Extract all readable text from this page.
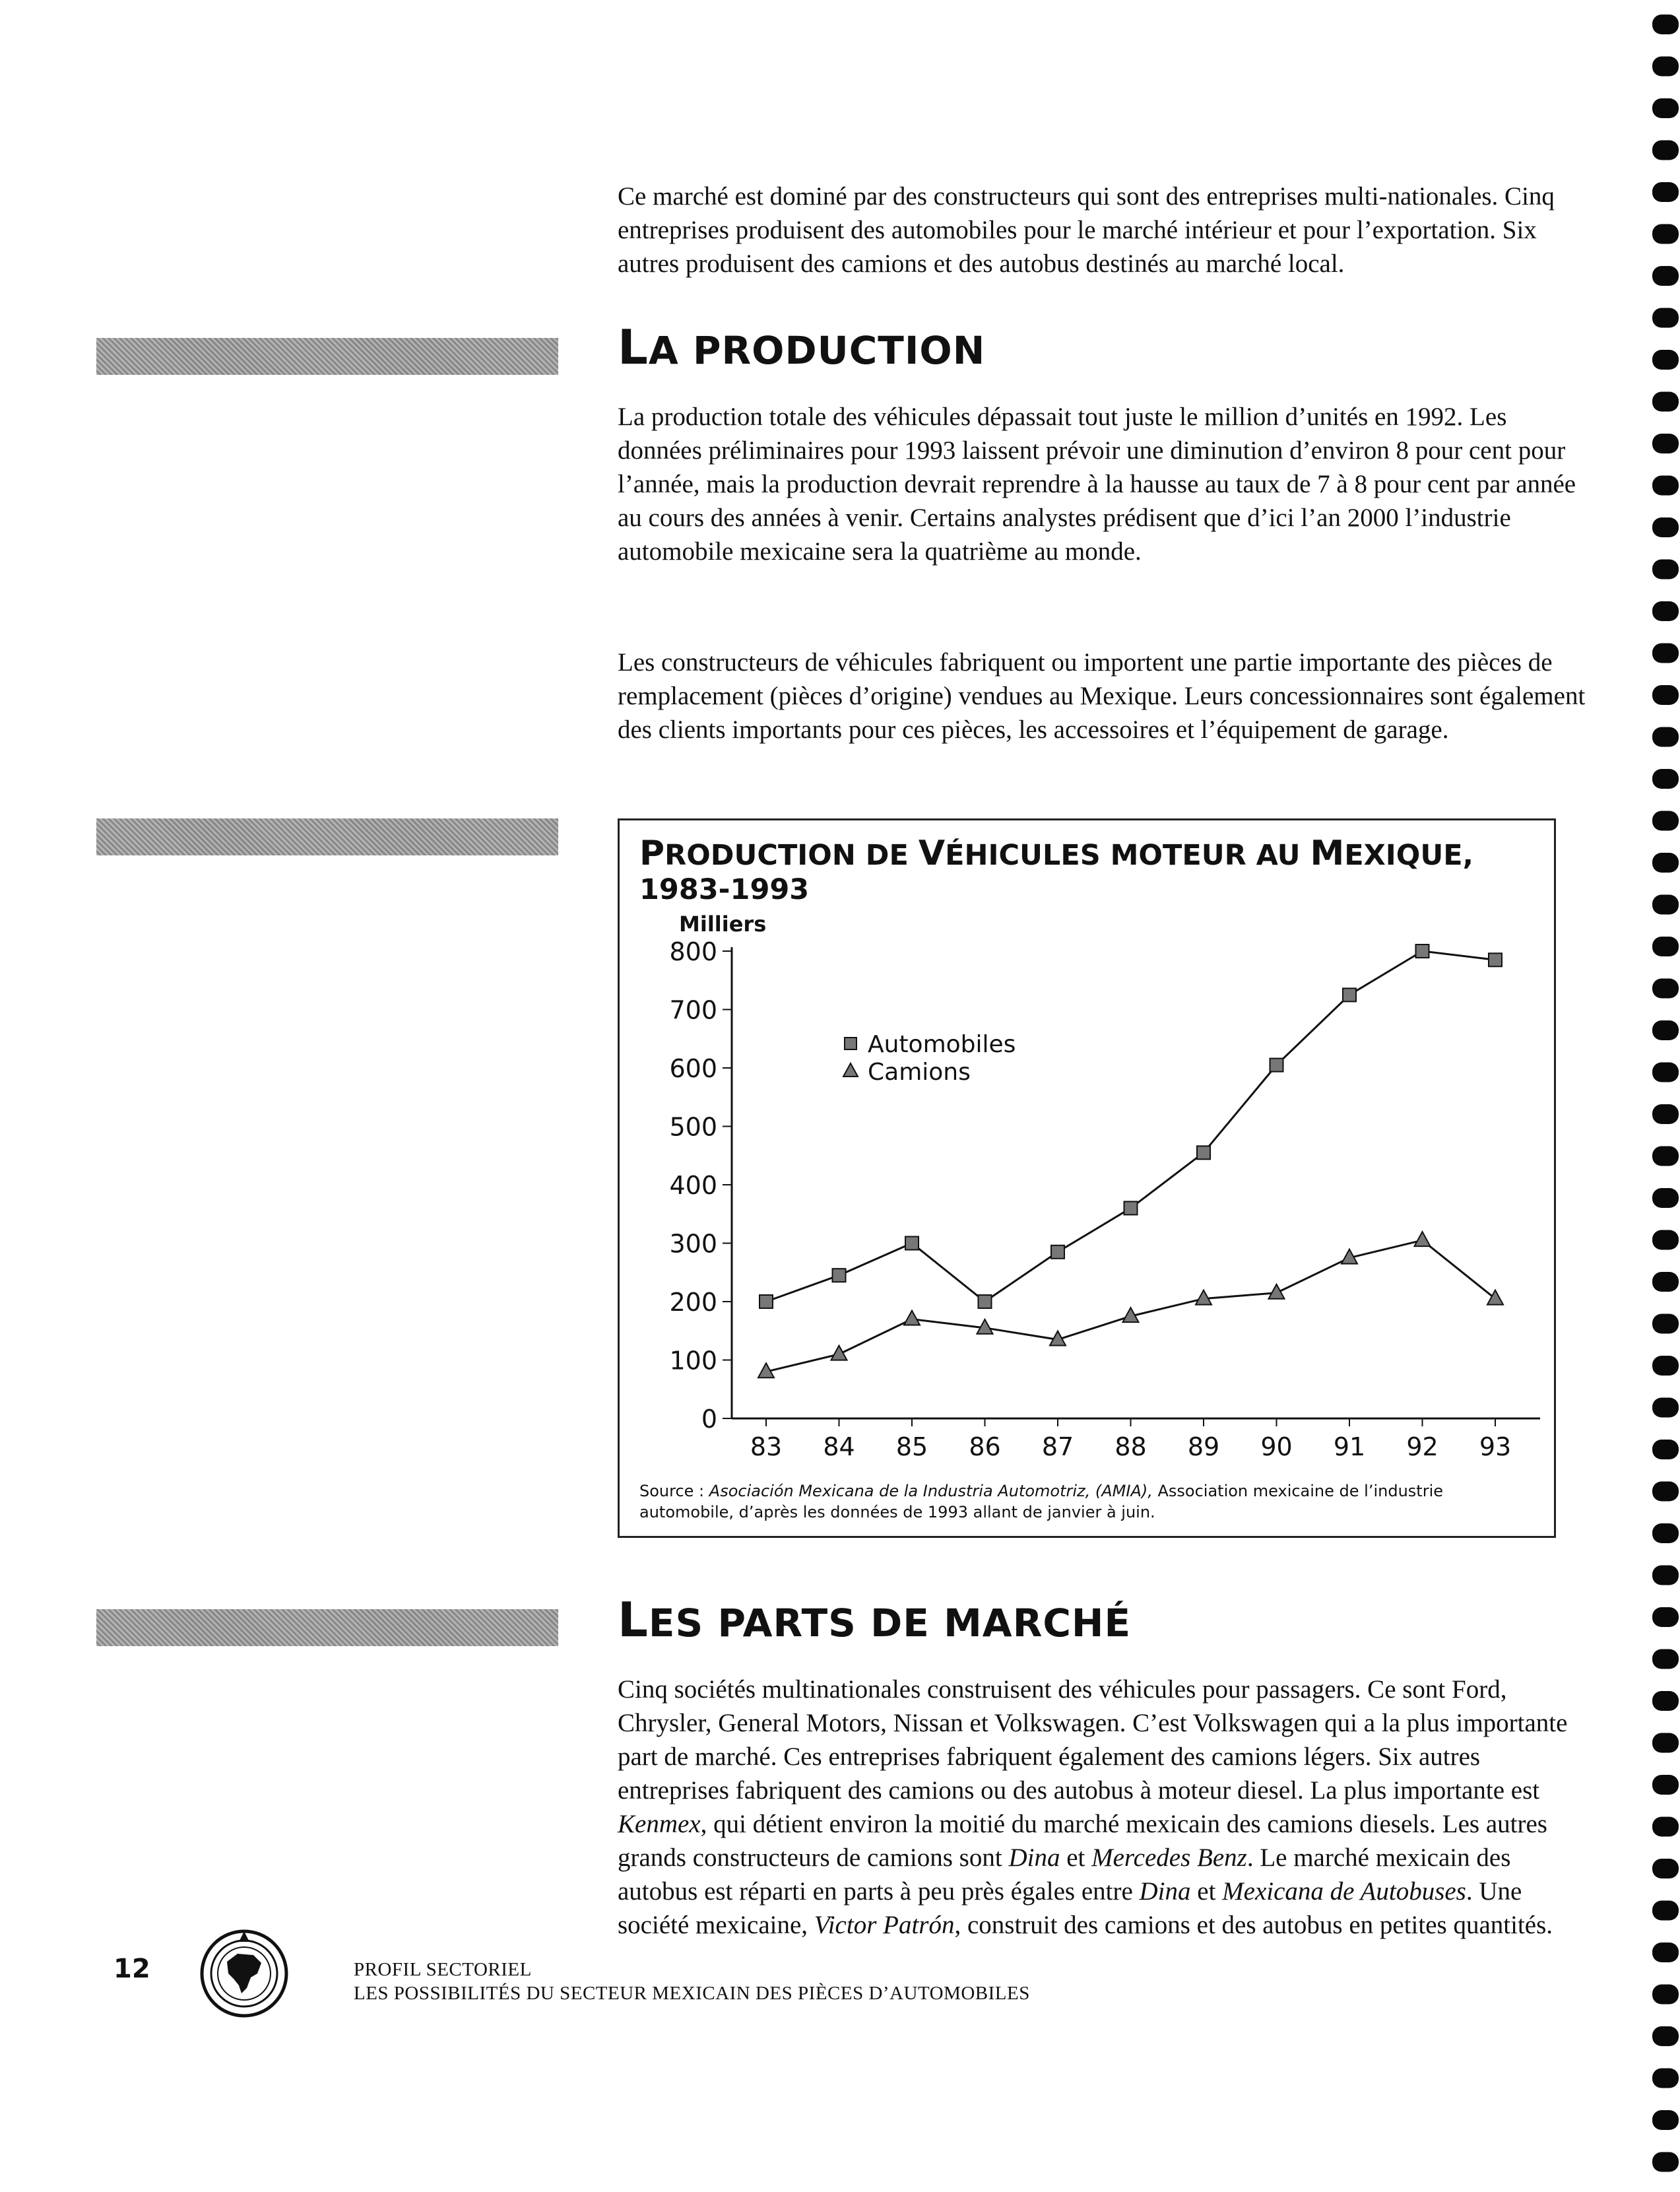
Ce marché est dominé par des constructeurs qui sont des entreprises multi-nationales. Cinq entreprises produisent des automobiles pour le marché intérieur et pour l’exportation. Six autres produisent des camions et des autobus destinés au marché local.

LA PRODUCTION

La production totale des véhicules dépassait tout juste le million d’unités en 1992. Les données préliminaires pour 1993 laissent prévoir une diminution d’environ 8 pour cent pour l’année, mais la production devrait reprendre à la hausse au taux de 7 à 8 pour cent par année au cours des années à venir. Certains analystes prédisent que d’ici l’an 2000 l’industrie automobile mexicaine sera la quatrième au monde.

Les constructeurs de véhicules fabriquent ou importent une partie importante des pièces de remplacement (pièces d’origine) vendues au Mexique. Leurs concessionnaires sont également des clients importants pour ces pièces, les accessoires et l’équipement de garage.

PRODUCTION DE VÉHICULES MOTEUR AU MEXIQUE,
1983-1993
Milliers
0
100
200
300
400
500
600
700
800
83 84 85 86 87 88 89 90 91 92 93
Automobiles
Camions
Source : Asociación Mexicana de la Industria Automotriz, (AMIA), Association mexicaine de l’industrie automobile, d’après les données de 1993 allant de janvier à juin.
LES PARTS DE MARCHÉ

Cinq sociétés multinationales construisent des véhicules pour passagers. Ce sont Ford, Chrysler, General Motors, Nissan et Volkswagen. C’est Volkswagen qui a la plus importante part de marché. Ces entreprises fabriquent également des camions légers. Six autres entreprises fabriquent des camions ou des autobus à moteur diesel. La plus importante est Kenmex, qui détient environ la moitié du marché mexicain des camions diesels. Les autres grands constructeurs de camions sont Dina et Mercedes Benz. Le marché mexicain des autobus est réparti en parts à peu près égales entre Dina et Mexicana de Autobuses. Une société mexicaine, Victor Patrón, construit des camions et des autobus en petites quantités.

12	PROFIL SECTORIEL
LES POSSIBILITÉS DU SECTEUR MEXICAIN DES PIÈCES D’AUTOMOBILES
